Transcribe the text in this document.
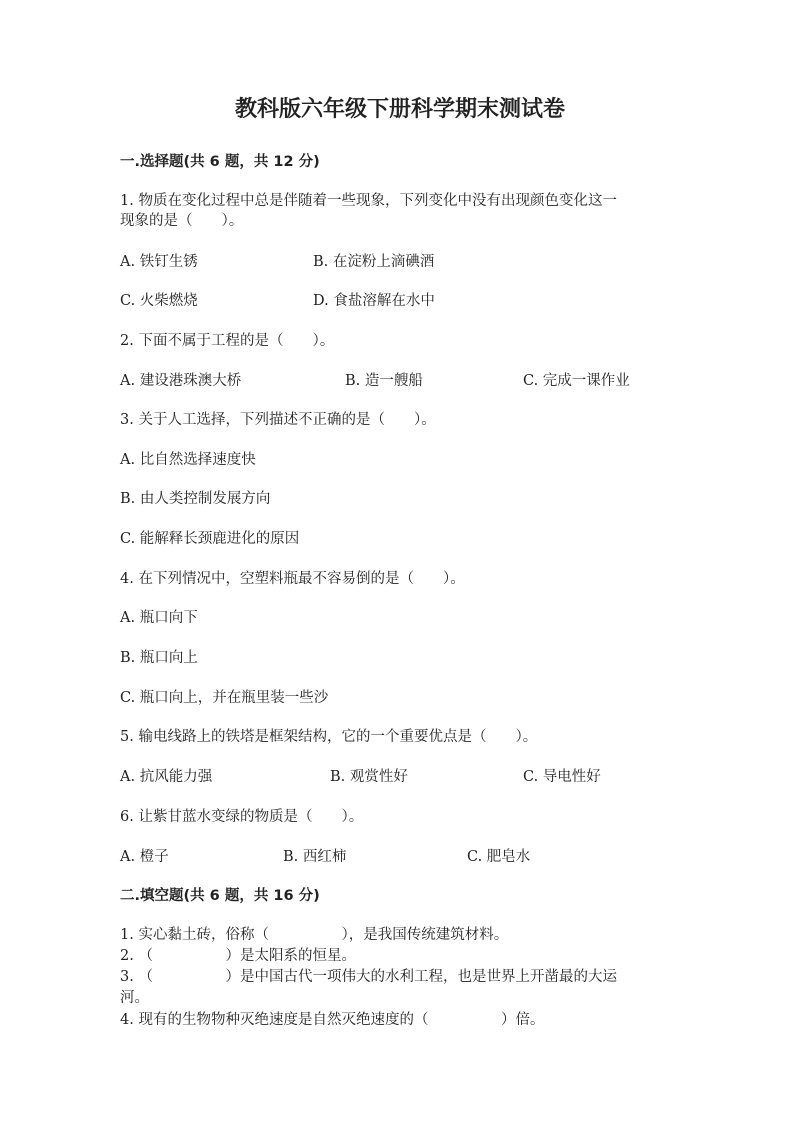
教科版六年级下册科学期末测试卷
一.选择题(共 6 题，共 12 分)
1. 物质在变化过程中总是伴随着一些现象，下列变化中没有出现颜色变化这一
现象的是（　　）。
A. 铁钉生锈	B. 在淀粉上滴碘酒
C. 火柴燃烧	D. 食盐溶解在水中
2. 下面不属于工程的是（　　）。
A. 建设港珠澳大桥	B. 造一艘船	C. 完成一课作业
3. 关于人工选择，下列描述不正确的是（　　）。
A. 比自然选择速度快
B. 由人类控制发展方向
C. 能解释长颈鹿进化的原因
4. 在下列情况中，空塑料瓶最不容易倒的是（　　）。
A. 瓶口向下
B. 瓶口向上
C. 瓶口向上，并在瓶里装一些沙
5. 输电线路上的铁塔是框架结构，它的一个重要优点是（　　）。
A. 抗风能力强	B. 观赏性好	C. 导电性好
6. 让紫甘蓝水变绿的物质是（　　）。
A. 橙子	B. 西红柿	C. 肥皂水
二.填空题(共 6 题，共 16 分)
1. 实心黏土砖，俗称（　　　　　），是我国传统建筑材料。
2. （　　　　　）是太阳系的恒星。
3. （　　　　　）是中国古代一项伟大的水利工程，也是世界上开凿最的大运
河。
4. 现有的生物物种灭绝速度是自然灭绝速度的（　　　　　）倍。
